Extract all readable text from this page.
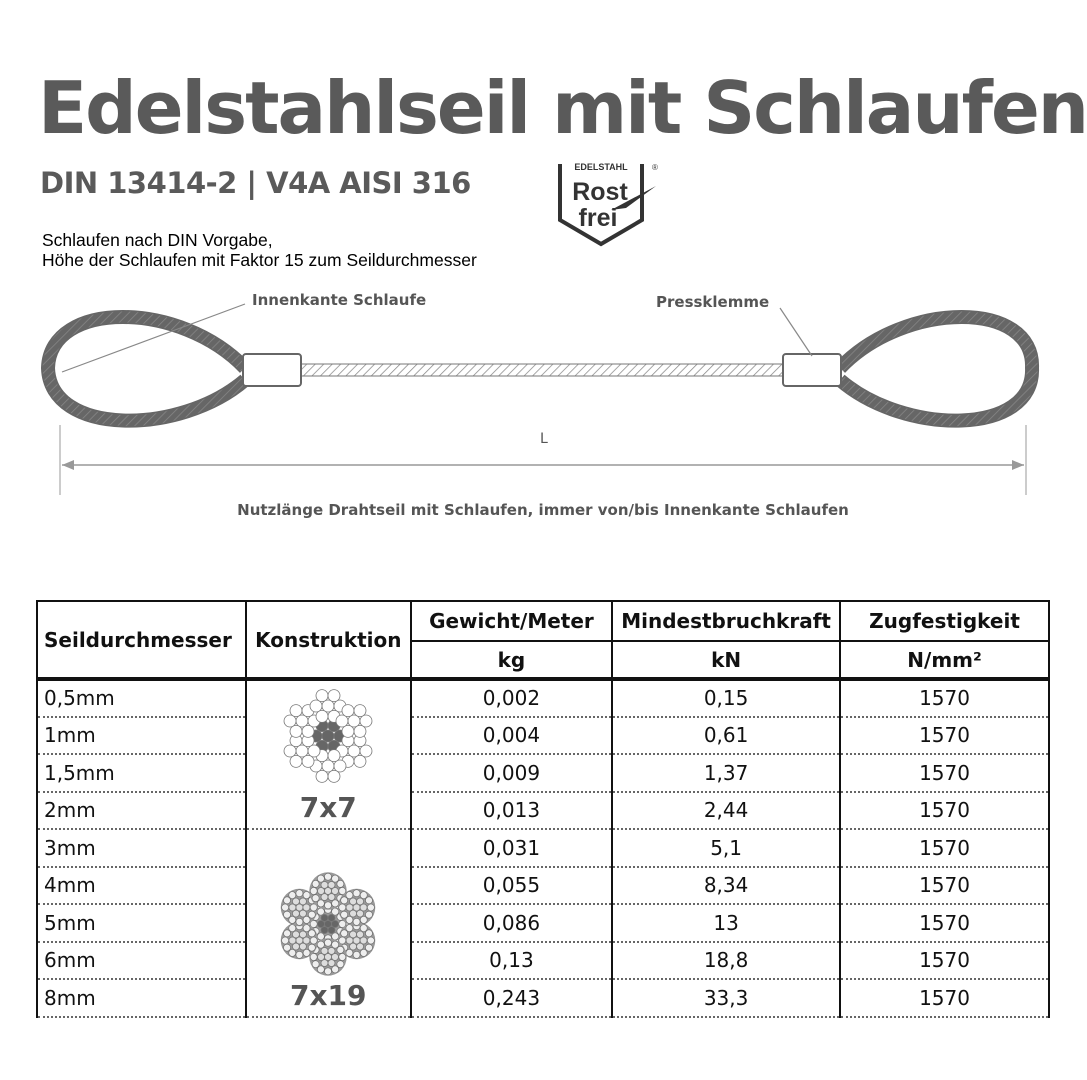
Edelstahlseil mit Schlaufen
DIN 13414-2 | V4A AISI 316	EDELSTAHL	®
Rost
frei
Schlaufen nach DIN Vorgabe,
Höhe der Schlaufen mit Faktor 15 zum Seildurchmesser
Innenkante Schlaufe	Pressklemme
L
Nutzlänge Drahtseil mit Schlaufen, immer von/bis Innenkante Schlaufen
Seildurchmesser	Konstruktion	Gewicht/Meter	Mindestbruchkraft	Zugfestigkeit
		kg	kN	N/mm²
0,5mm	7x7	0,002	0,15	1570
1mm		0,004	0,61	1570
1,5mm		0,009	1,37	1570
2mm		0,013	2,44	1570
3mm	7x19	0,031	5,1	1570
4mm		0,055	8,34	1570
5mm		0,086	13	1570
6mm		0,13	18,8	1570
8mm		0,243	33,3	1570
